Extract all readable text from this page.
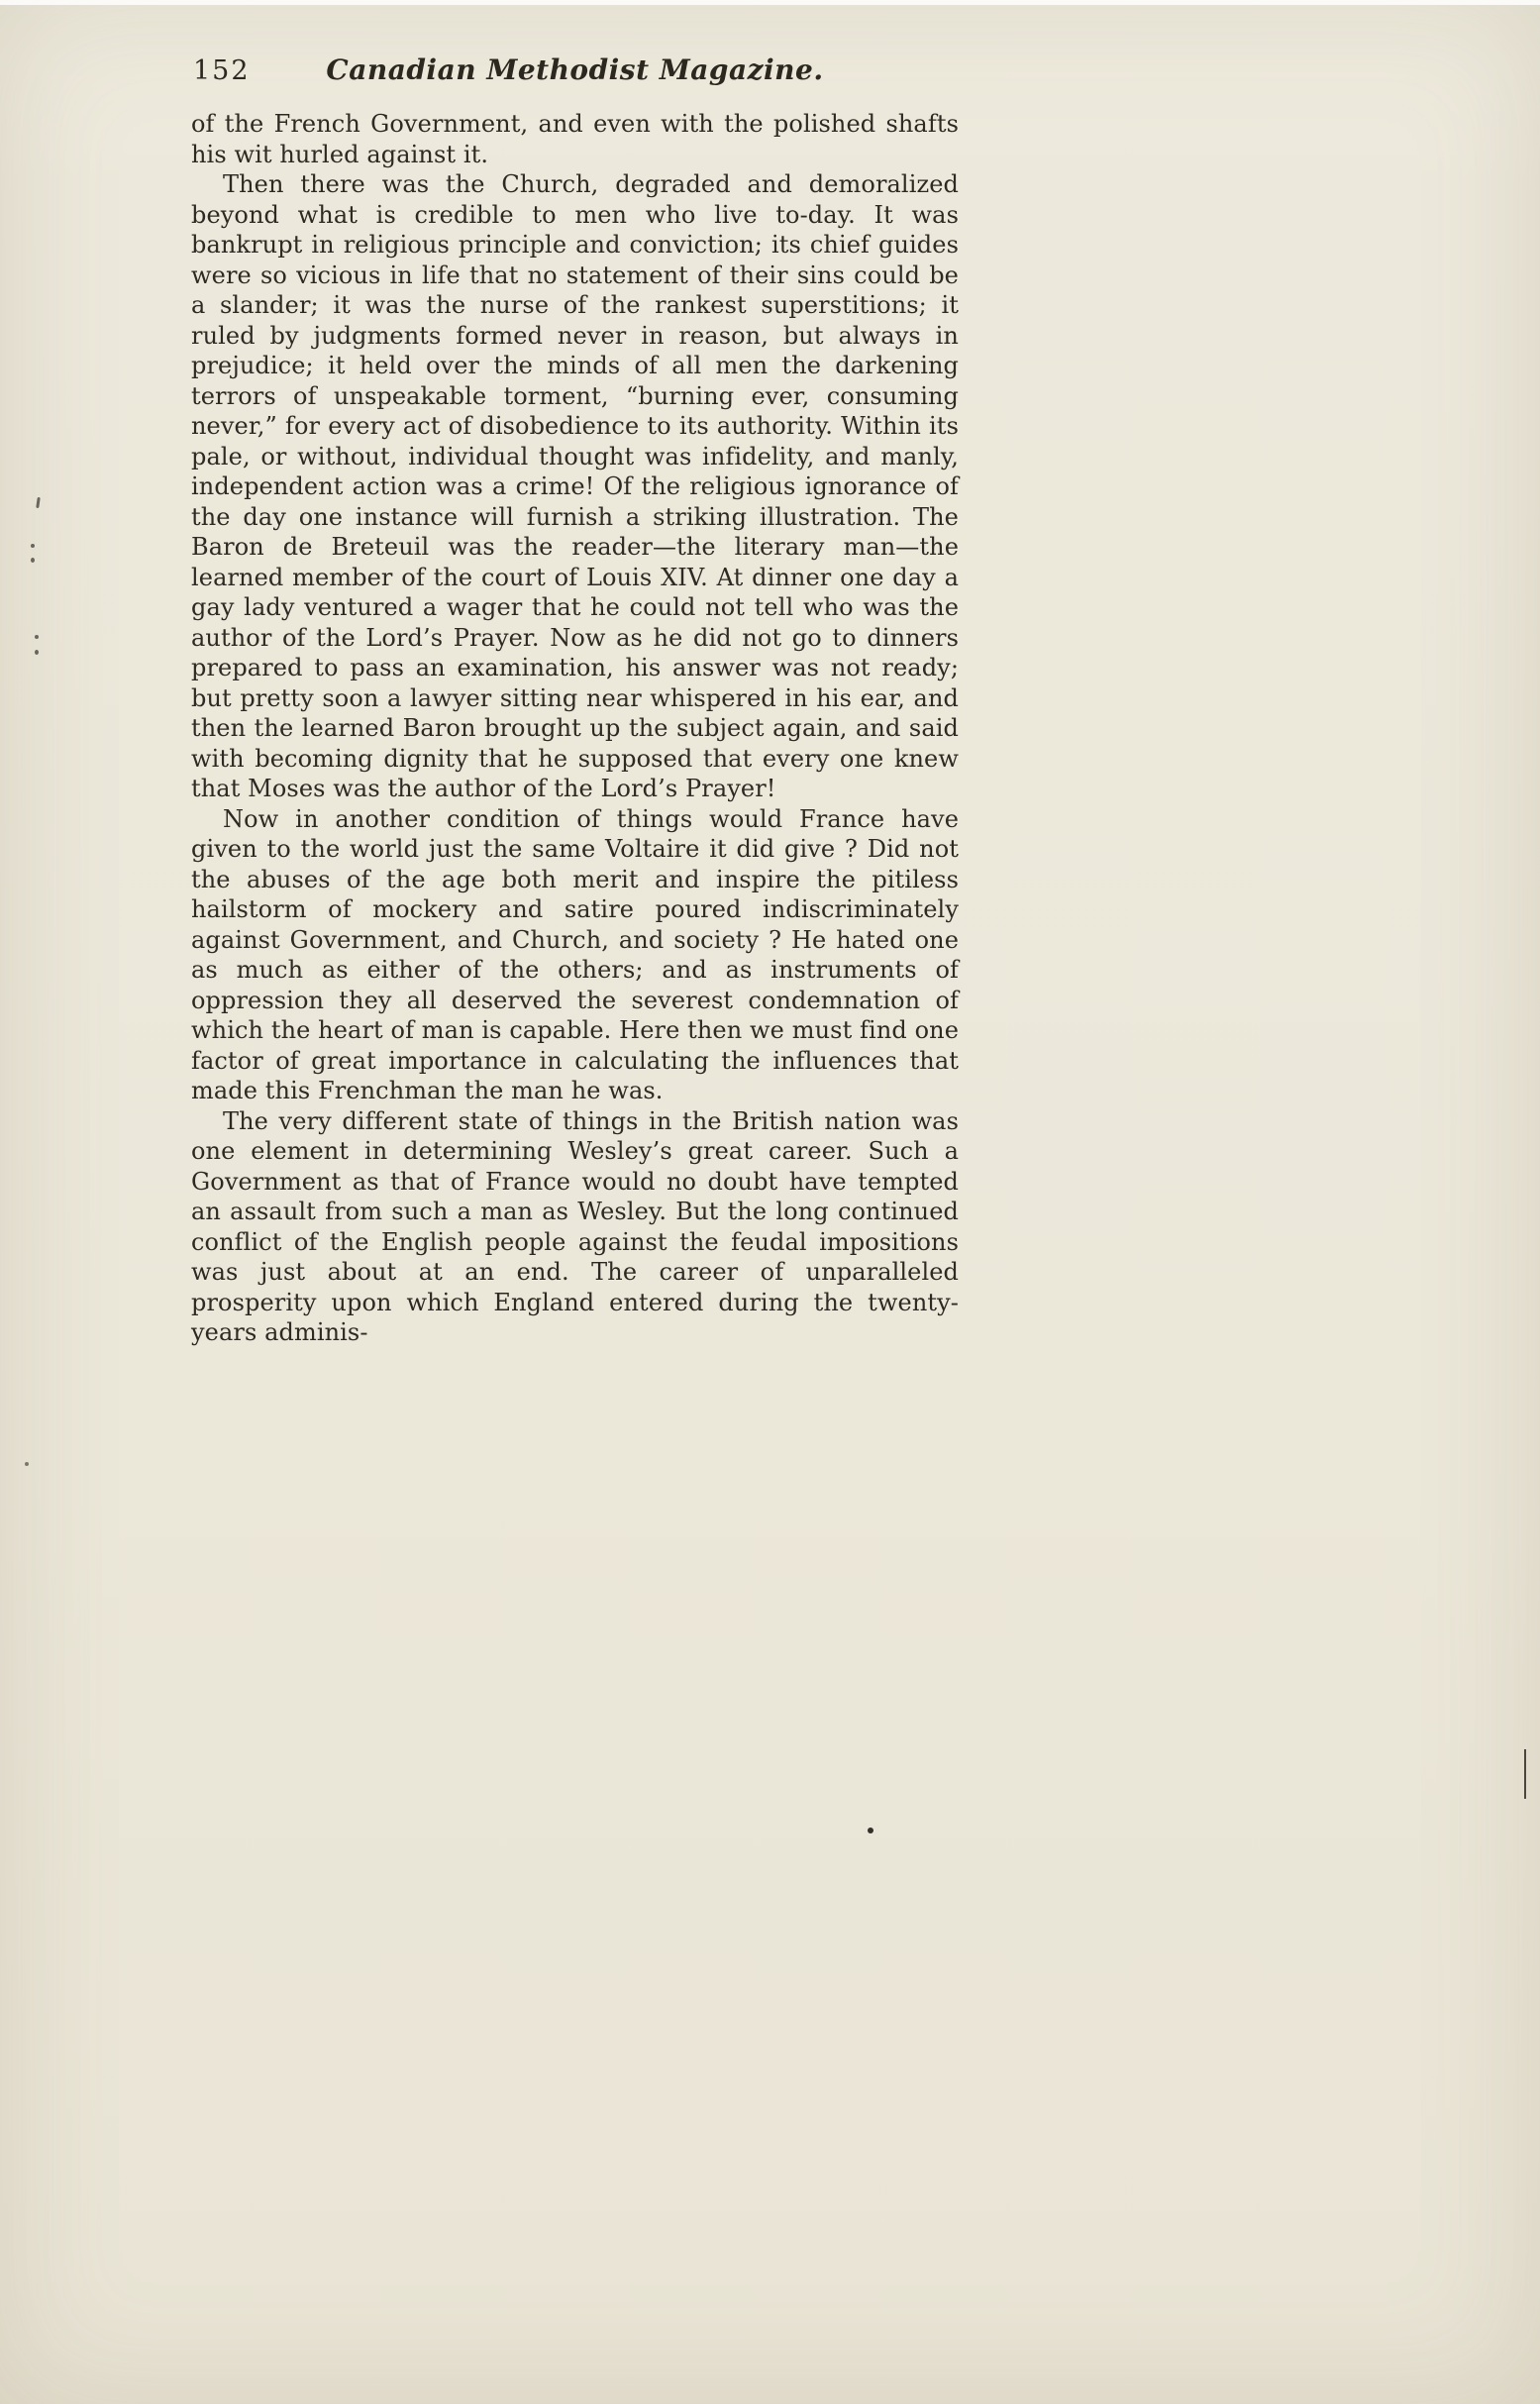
152	Canadian Methodist Magazine.

of the French Government, and even with the polished shafts his wit hurled against it.

Then there was the Church, degraded and demoralized beyond what is credible to men who live to-day. It was bankrupt in religious principle and conviction; its chief guides were so vicious in life that no statement of their sins could be a slander; it was the nurse of the rankest superstitions; it ruled by judgments formed never in reason, but always in prejudice; it held over the minds of all men the darkening terrors of unspeakable torment, “burning ever, consuming never,” for every act of disobedience to its authority. Within its pale, or without, individual thought was infidelity, and manly, independent action was a crime! Of the religious ignorance of the day one instance will furnish a striking illustration. The Baron de Breteuil was the reader—the literary man—the learned member of the court of Louis XIV. At dinner one day a gay lady ventured a wager that he could not tell who was the author of the Lord’s Prayer. Now as he did not go to dinners prepared to pass an examination, his answer was not ready; but pretty soon a lawyer sitting near whispered in his ear, and then the learned Baron brought up the subject again, and said with becoming dignity that he supposed that every one knew that Moses was the author of the Lord’s Prayer!

Now in another condition of things would France have given to the world just the same Voltaire it did give ? Did not the abuses of the age both merit and inspire the pitiless hailstorm of mockery and satire poured indiscriminately against Government, and Church, and society ? He hated one as much as either of the others; and as instruments of oppression they all deserved the severest condemnation of which the heart of man is capable. Here then we must find one factor of great importance in calculating the influences that made this Frenchman the man he was.

The very different state of things in the British nation was one element in determining Wesley’s great career. Such a Government as that of France would no doubt have tempted an assault from such a man as Wesley. But the long continued conflict of the English people against the feudal impositions was just about at an end. The career of unparalleled prosperity upon which England entered during the twenty-years adminis-
